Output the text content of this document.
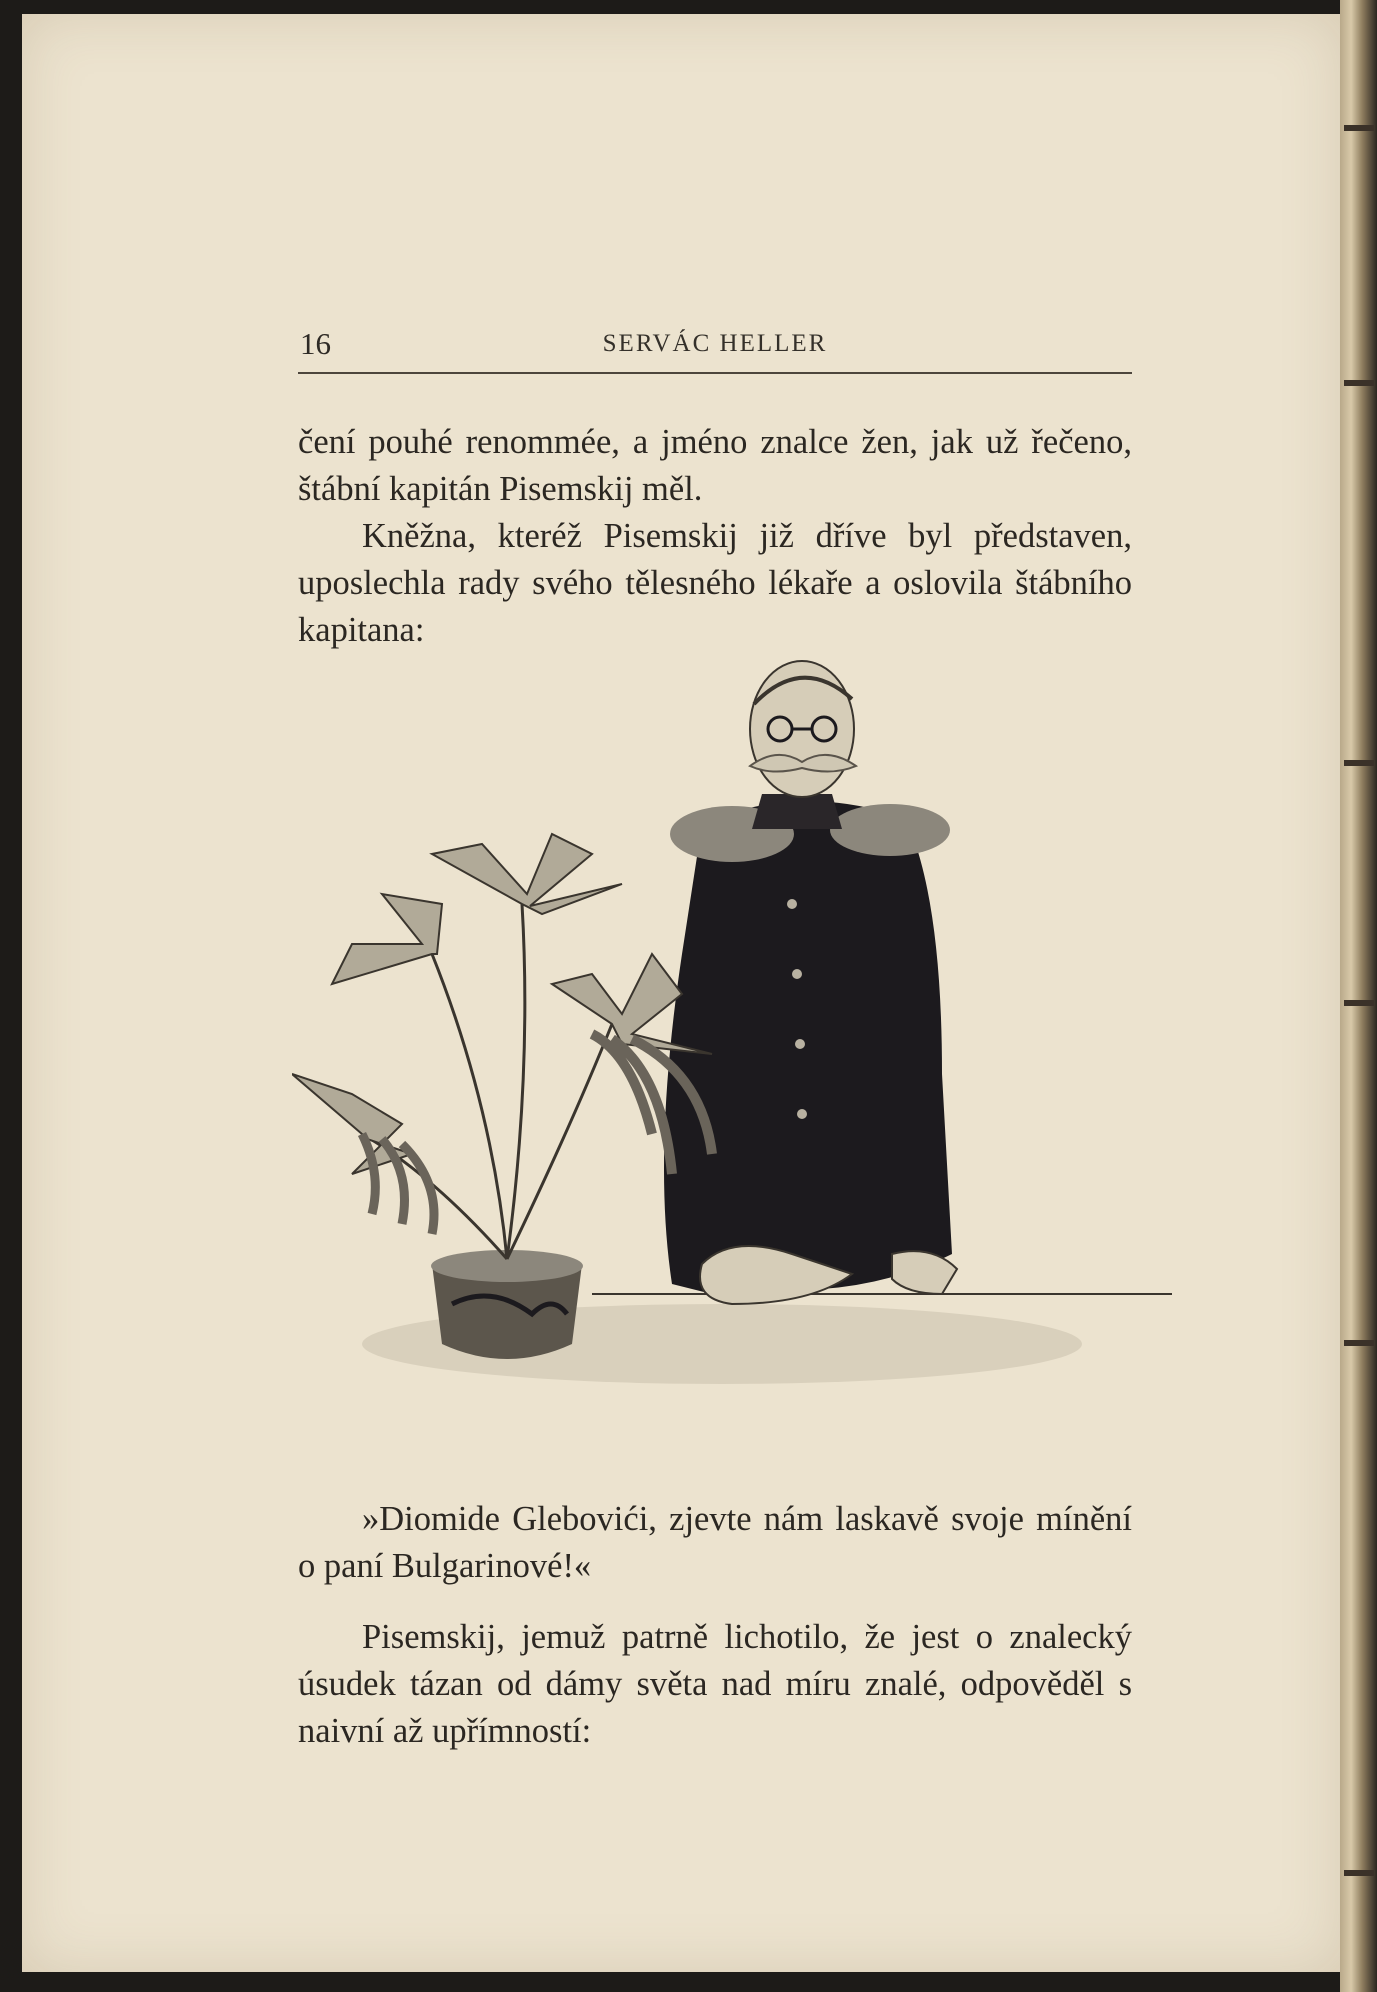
16	SERVÁC HELLER

čení pouhé renommée, a jméno znalce žen, jak už řečeno, štábní kapitán Pisemskij měl.

Kněžna, kteréž Pisemskij již dříve byl představen, uposlechla rady svého tělesného lékaře a oslovila štábního kapitana:

»Diomide Glebovići, zjevte nám laskavě svoje mínění o paní Bulgarinové!«

Pisemskij, jemuž patrně lichotilo, že jest o znalecký úsudek tázan od dámy světa nad míru znalé, odpověděl s naivní až upřímností:
